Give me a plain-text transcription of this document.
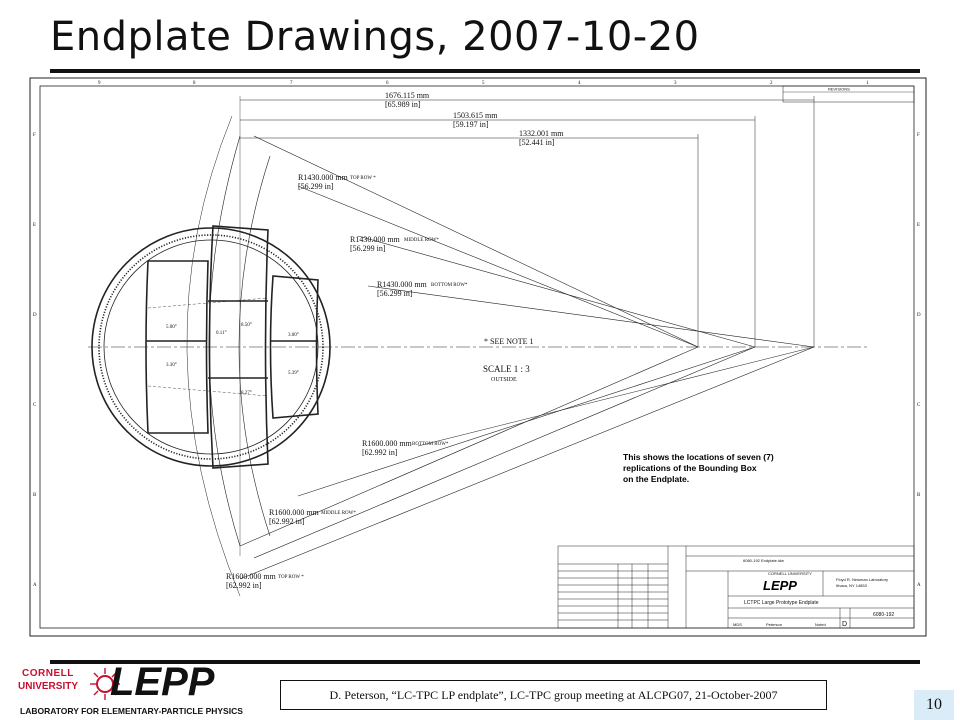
Endplate Drawings, 2007-10-20
9	8	7	6	5	4	3	2	1
F
E
D
C
B
A
F
E
D
C
B
A
REVISIONS
1676.115 mm
[65.989 in]
1503.615 mm
[59.197 in]
1332.001 mm
[52.441 in]
5.00°	8.50°
0.11°	3.00°
3.30°
5.39°
8.27°
R1430.000 mm TOP ROW *
[56.299 in]
R1430.000 mm MIDDLE ROW*
[56.299 in]
R1430.000 mm BOTTOM ROW*
[56.299 in]
R1600.000 mm BOTTOM ROW*
[62.992 in]
R1600.000 mm MIDDLE ROW*
[62.992 in]
R1600.000 mm TOP ROW *
[62.992 in]
* SEE NOTE 1
SCALE 1 : 3
OUTSIDE
This shows the locations of seven (7)
replications of the Bounding Box
on the Endplate.
CORNELL UNIVERSITY
Floyd R. Newman Laboratory
Ithaca, NY 14853
LCTPC Large Prototype Endplate
6080-192
D
MDS	Peterson	Noted
6080-192 Endplate.idw
LEPP
CORNELL
UNIVERSITY LEPP
LABORATORY FOR ELEMENTARY-PARTICLE PHYSICS
D. Peterson, “LC-TPC LP endplate”, LC-TPC group meeting at ALCPG07, 21-October-2007
10
